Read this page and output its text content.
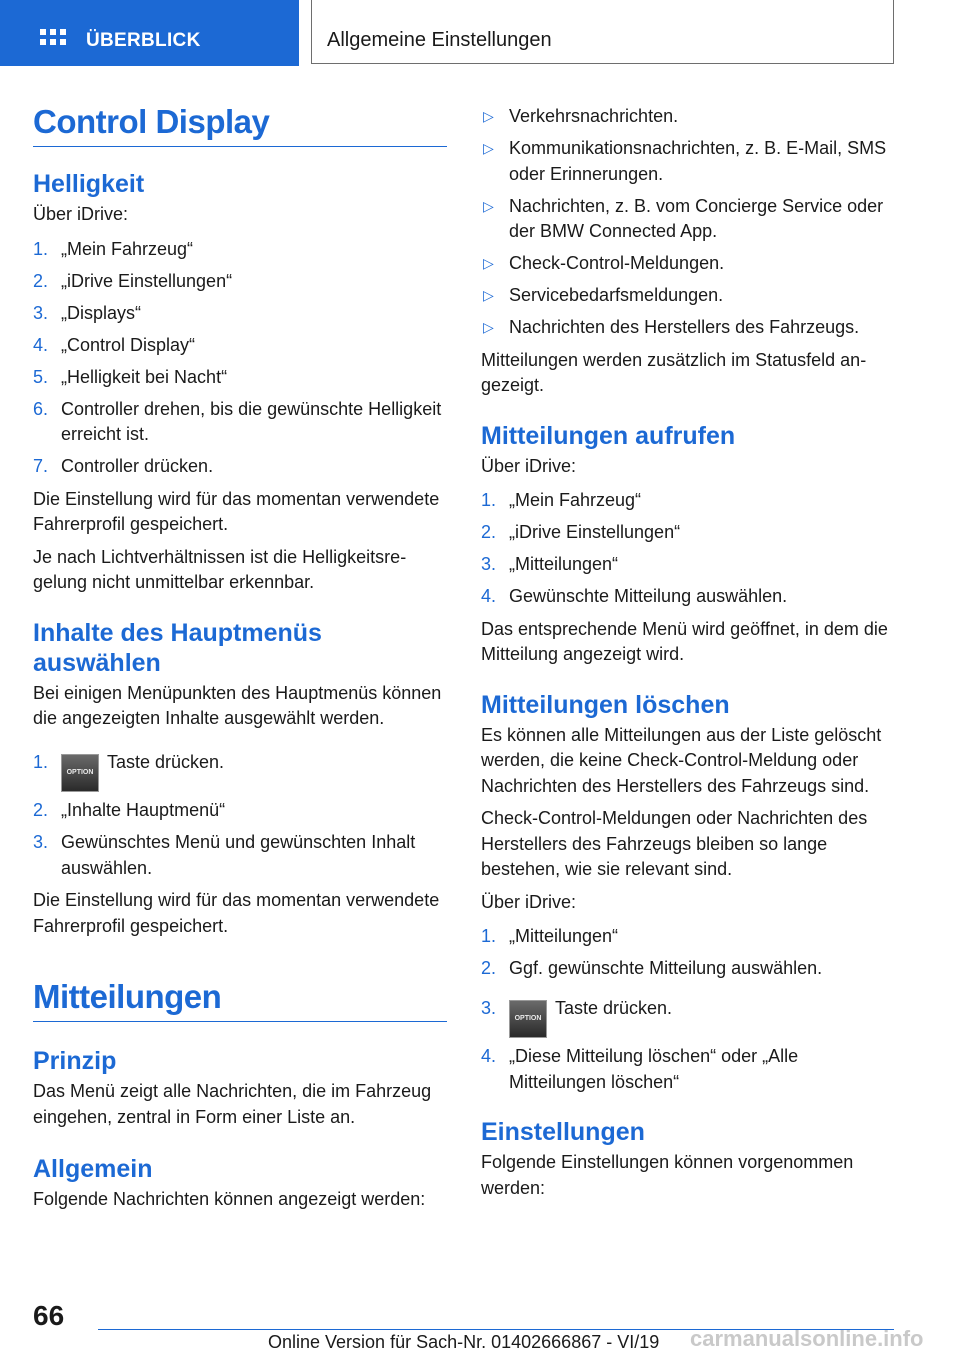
ÜBERBLICK	Allgemeine Einstellungen
Control Display
Helligkeit

Über iDrive:

1. „Mein Fahrzeug“
2. „iDrive Einstellungen“
3. „Displays“
4. „Control Display“
5. „Helligkeit bei Nacht“
6. Controller drehen, bis die gewünschte Helligkeit erreicht ist.
7. Controller drücken.

Die Einstellung wird für das momentan verwendete Fahrerprofil gespeichert.

Je nach Lichtverhältnissen ist die Helligkeitsregelung nicht unmittelbar erkennbar.

Inhalte des Hauptmenüs auswählen

Bei einigen Menüpunkten des Hauptmenüs können die angezeigten Inhalte ausgewählt werden.

1.
OPTIONTaste drücken.
2. „Inhalte Hauptmenü“
3. Gewünschtes Menü und gewünschten Inhalt auswählen.

Die Einstellung wird für das momentan verwendete Fahrerprofil gespeichert.

Mitteilungen
Prinzip

Das Menü zeigt alle Nachrichten, die im Fahrzeug eingehen, zentral in Form einer Liste an.

Allgemein

Folgende Nachrichten können angezeigt werden:

▷ Verkehrsnachrichten.
▷ Kommunikationsnachrichten, z. B. E-Mail, SMS oder Erinnerungen.
▷ Nachrichten, z. B. vom Concierge Service oder der BMW Connected App.
▷ Check-Control-Meldungen.
▷ Servicebedarfsmeldungen.
▷ Nachrichten des Herstellers des Fahrzeugs.

Mitteilungen werden zusätzlich im Statusfeld angezeigt.

Mitteilungen aufrufen

Über iDrive:

1. „Mein Fahrzeug“
2. „iDrive Einstellungen“
3. „Mitteilungen“
4. Gewünschte Mitteilung auswählen.

Das entsprechende Menü wird geöffnet, in dem die Mitteilung angezeigt wird.

Mitteilungen löschen

Es können alle Mitteilungen aus der Liste gelöscht werden, die keine Check-Control-Meldung oder Nachrichten des Herstellers des Fahrzeugs sind.

Check-Control-Meldungen oder Nachrichten des Herstellers des Fahrzeugs bleiben so lange bestehen, wie sie relevant sind.

Über iDrive:

1. „Mitteilungen“
2. Ggf. gewünschte Mitteilung auswählen.
3.
OPTIONTaste drücken.
4. „Diese Mitteilung löschen“ oder „Alle Mitteilungen löschen“
Einstellungen

Folgende Einstellungen können vorgenommen werden:

66
Online Version für Sach-Nr. 01402666867 - VI/19 carmanualsonline.info
